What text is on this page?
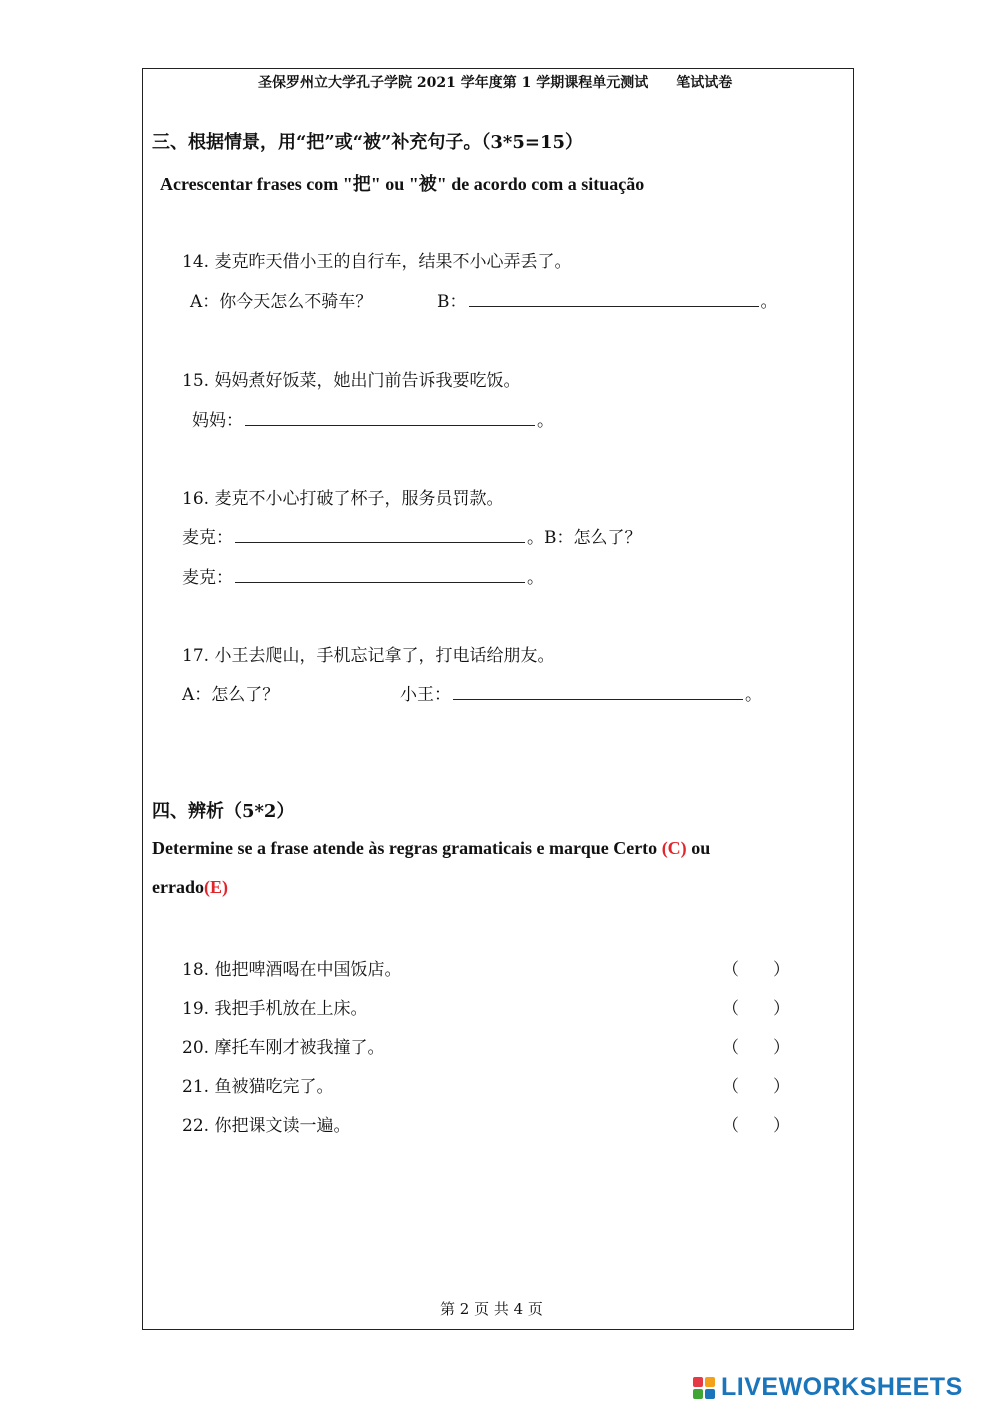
圣保罗州立大学孔子学院 2021 学年度第 1 学期课程单元测试　　笔试试卷
三、根据情景，用“把”或“被”补充句子。（3*5=15）
Acrescentar frases com "把" ou "被" de acordo com a situação
14. 麦克昨天借小王的自行车，结果不小心弄丢了。
A：你今天怎么不骑车？	B：	。
15. 妈妈煮好饭菜，她出门前告诉我要吃饭。
妈妈：	。
16. 麦克不小心打破了杯子，服务员罚款。
麦克：	。B：怎么了？
麦克：	。
17. 小王去爬山，手机忘记拿了，打电话给朋友。
A：怎么了？	小王：	。
四、辨析（5*2）
Determine se a frase atende às regras gramaticais e marque Certo (C) ou
errado(E)
18. 他把啤酒喝在中国饭店。	（　　）
19. 我把手机放在上床。	（　　）
20. 摩托车刚才被我撞了。	（　　）
21. 鱼被猫吃完了。	（　　）
22. 你把课文读一遍。	（　　）
第 2 页 共 4 页
LIVEWORKSHEETS
